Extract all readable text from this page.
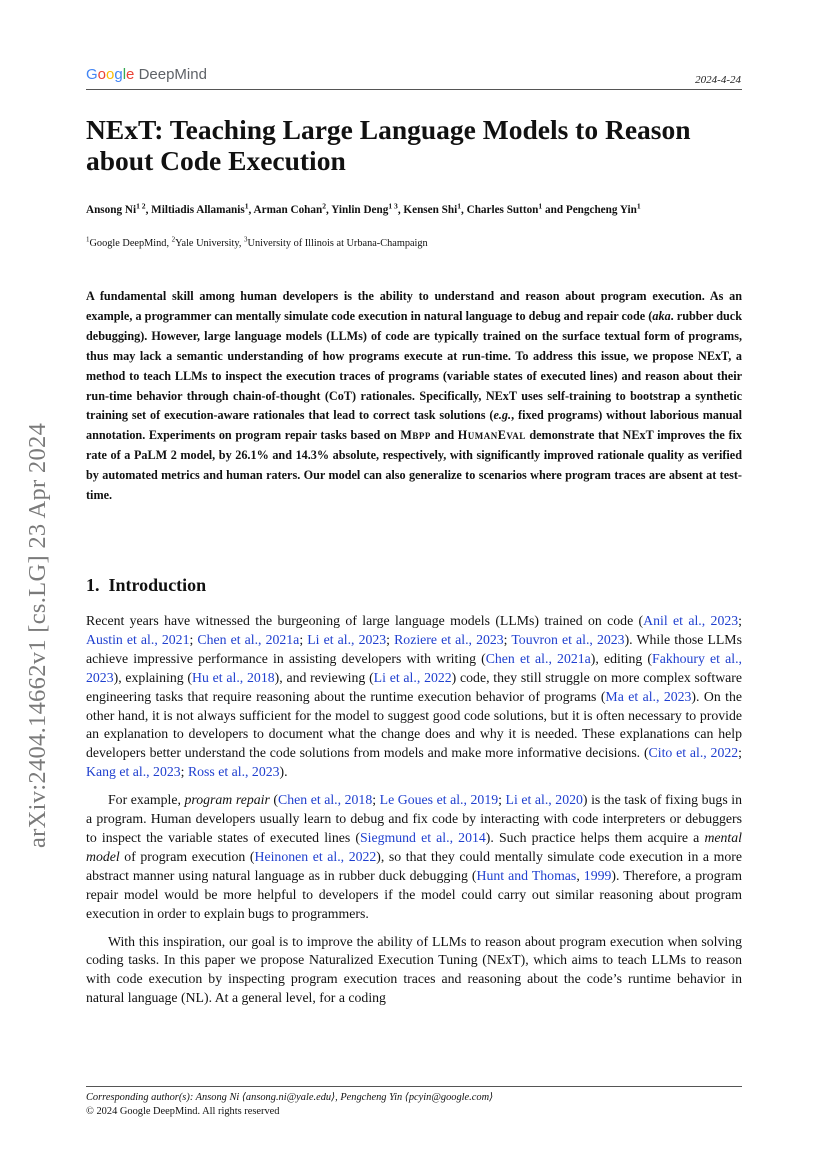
Google DeepMind	2024-4-24
arXiv:2404.14662v1 [cs.LG] 23 Apr 2024
NExT: Teaching Large Language Models to Reason about Code Execution
Ansong $Ni^{1 2}$, Miltiadis Allamanis$^1$, Arman Cohan$^2$, Yinlin Deng$^{1 3}$, Kensen Shi$^1$, Charles Sutton$^1$ and Pengcheng Yin$^1$
$^1$Google DeepMind, $^2$Yale University, $^3$University of Illinois at Urbana-Champaign
A fundamental skill among human developers is the ability to understand and reason about program execution. As an example, a programmer can mentally simulate code execution in natural language to debug and repair code (aka. rubber duck debugging). However, large language models (LLMs) of code are typically trained on the surface textual form of programs, thus may lack a semantic understanding of how programs execute at run-time. To address this issue, we propose NExT, a method to teach LLMs to inspect the execution traces of programs (variable states of executed lines) and reason about their run-time behavior through chain-of-thought (CoT) rationales. Specifically, NExT uses self-training to bootstrap a synthetic training set of execution-aware rationales that lead to correct task solutions (e.g., fixed programs) without laborious manual annotation. Experiments on program repair tasks based on Mbpp and HumanEval demonstrate that NExT improves the fix rate of a PaLM 2 model, by 26.1% and 14.3% absolute, respectively, with significantly improved rationale quality as verified by automated metrics and human raters. Our model can also generalize to scenarios where program traces are absent at test-time.
1. Introduction

Recent years have witnessed the burgeoning of large language models (LLMs) trained on code (Anil et al., 2023; Austin et al., 2021; Chen et al., 2021a; Li et al., 2023; Roziere et al., 2023; Touvron et al., 2023). While those LLMs achieve impressive performance in assisting developers with writing (Chen et al., 2021a), editing (Fakhoury et al., 2023), explaining (Hu et al., 2018), and reviewing (Li et al., 2022) code, they still struggle on more complex software engineering tasks that require reasoning about the runtime execution behavior of programs (Ma et al., 2023). On the other hand, it is not always sufficient for the model to suggest good code solutions, but it is often necessary to provide an explanation to developers to document what the change does and why it is needed. These explanations can help developers better understand the code solutions from models and make more informative decisions. (Cito et al., 2022; Kang et al., 2023; Ross et al., 2023).

For example, program repair (Chen et al., 2018; Le Goues et al., 2019; Li et al., 2020) is the task of fixing bugs in a program. Human developers usually learn to debug and fix code by interacting with code interpreters or debuggers to inspect the variable states of executed lines (Siegmund et al., 2014). Such practice helps them acquire a mental model of program execution (Heinonen et al., 2022), so that they could mentally simulate code execution in a more abstract manner using natural language as in rubber duck debugging (Hunt and Thomas, 1999). Therefore, a program repair model would be more helpful to developers if the model could carry out similar reasoning about program execution in order to explain bugs to programmers.

With this inspiration, our goal is to improve the ability of LLMs to reason about program execution when solving coding tasks. In this paper we propose Naturalized Execution Tuning (NExT), which aims to teach LLMs to reason with code execution by inspecting program execution traces and reasoning about the code’s runtime behavior in natural language (NL). At a general level, for a coding

Corresponding author(s): Ansong Ni ⟨ansong.ni@yale.edu⟩, Pengcheng Yin ⟨pcyin@google.com⟩
© 2024 Google DeepMind. All rights reserved
